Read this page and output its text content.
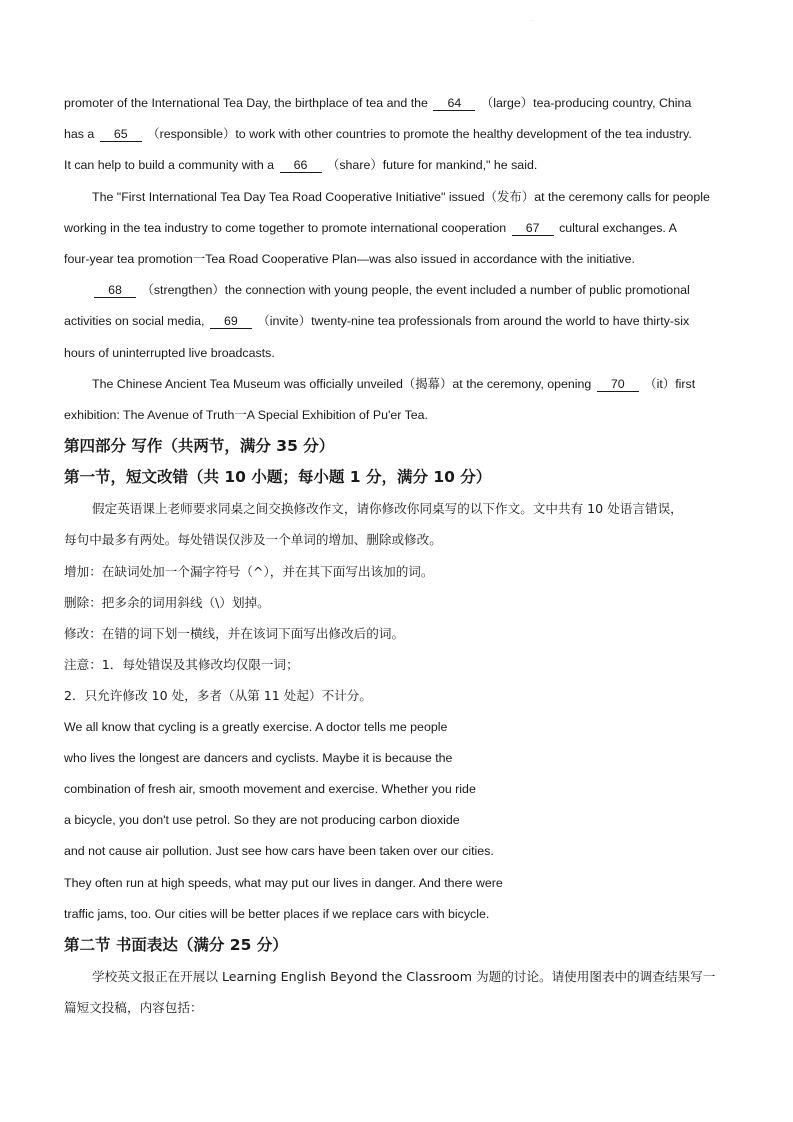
·

promoter of the International Tea Day, the birthplace of tea and the 64 （large）tea-producing country, China
has a 65 （responsible）to work with other countries to promote the healthy development of the tea industry.
It can help to build a community with a 66 （share）future for mankind," he said.

The "First International Tea Day Tea Road Cooperative Initiative" issued（发布）at the ceremony calls for people
working in the tea industry to come together to promote international cooperation 67 cultural exchanges. A
four-year tea promotion一Tea Road Cooperative Plan—was also issued in accordance with the initiative.

68 （strengthen）the connection with young people, the event included a number of public promotional
activities on social media, 69 （invite）twenty-nine tea professionals from around the world to have thirty-six
hours of uninterrupted live broadcasts.

The Chinese Ancient Tea Museum was officially unveiled（揭幕）at the ceremony, opening 70 （it）first
exhibition: The Avenue of Truth一A Special Exhibition of Pu'er Tea.

第四部分 写作（共两节，满分 35 分）

第一节，短文改错（共 10 小题；每小题 1 分，满分 10 分）

假定英语课上老师要求同桌之间交换修改作文，请你修改你同桌写的以下作文。文中共有 10 处语言错误，

每句中最多有两处。每处错误仅涉及一个单词的增加、删除或修改。

增加：在缺词处加一个漏字符号（^），并在其下面写出该加的词。

删除：把多余的词用斜线（\）划掉。

修改：在错的词下划一横线，并在该词下面写出修改后的词。

注意：1．每处错误及其修改均仅限一词；

2．只允许修改 10 处，多者（从第 11 处起）不计分。

We all know that cycling is a greatly exercise. A doctor tells me people

who lives the longest are dancers and cyclists. Maybe it is because the

combination of fresh air, smooth movement and exercise. Whether you ride

a bicycle, you don't use petrol. So they are not producing carbon dioxide

and not cause air pollution. Just see how cars have been taken over our cities.

They often run at high speeds, what may put our lives in danger. And there were

traffic jams, too. Our cities will be better places if we replace cars with bicycle.

第二节 书面表达（满分 25 分）

学校英文报正在开展以 Learning English Beyond the Classroom 为题的讨论。请使用图表中的调查结果写一

篇短文投稿，内容包括：
